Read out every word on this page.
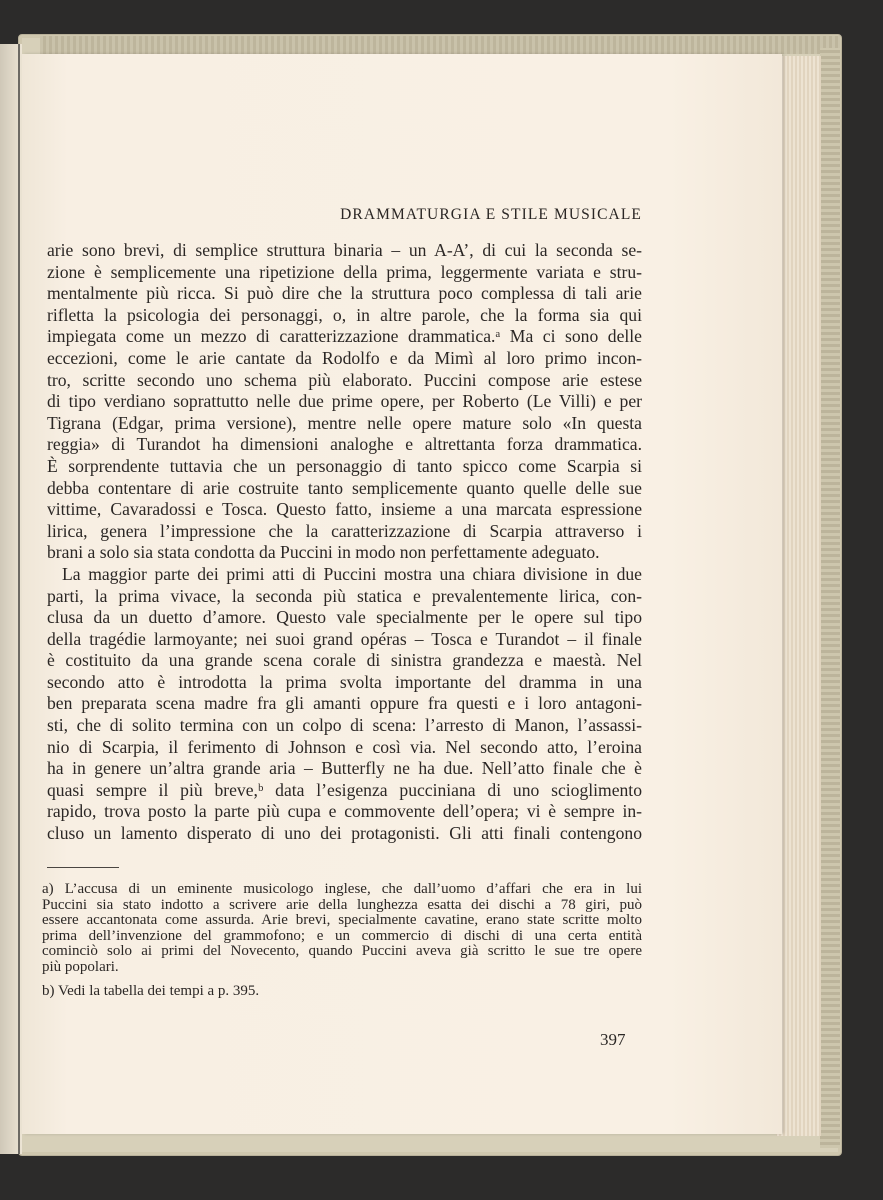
DRAMMATURGIA E STILE MUSICALE
arie sono brevi, di semplice struttura binaria – un A-A’, di cui la seconda se-
zione è semplicemente una ripetizione della prima, leggermente variata e stru-
mentalmente più ricca. Si può dire che la struttura poco complessa di tali arie
rifletta la psicologia dei personaggi, o, in altre parole, che la forma sia qui
impiegata come un mezzo di caratterizzazione drammatica.ᵃ Ma ci sono delle
eccezioni, come le arie cantate da Rodolfo e da Mimì al loro primo incon-
tro, scritte secondo uno schema più elaborato. Puccini compose arie estese
di tipo verdiano soprattutto nelle due prime opere, per Roberto (Le Villi) e per
Tigrana (Edgar, prima versione), mentre nelle opere mature solo «In questa
reggia» di Turandot ha dimensioni analoghe e altrettanta forza drammatica.
È sorprendente tuttavia che un personaggio di tanto spicco come Scarpia si
debba contentare di arie costruite tanto semplicemente quanto quelle delle sue
vittime, Cavaradossi e Tosca. Questo fatto, insieme a una marcata espressione
lirica, genera l’impressione che la caratterizzazione di Scarpia attraverso i
brani a solo sia stata condotta da Puccini in modo non perfettamente adeguato.
La maggior parte dei primi atti di Puccini mostra una chiara divisione in due
parti, la prima vivace, la seconda più statica e prevalentemente lirica, con-
clusa da un duetto d’amore. Questo vale specialmente per le opere sul tipo
della tragédie larmoyante; nei suoi grand opéras – Tosca e Turandot – il finale
è costituito da una grande scena corale di sinistra grandezza e maestà. Nel
secondo atto è introdotta la prima svolta importante del dramma in una
ben preparata scena madre fra gli amanti oppure fra questi e i loro antagoni-
sti, che di solito termina con un colpo di scena: l’arresto di Manon, l’assassi-
nio di Scarpia, il ferimento di Johnson e così via. Nel secondo atto, l’eroina
ha in genere un’altra grande aria – Butterfly ne ha due. Nell’atto finale che è
quasi sempre il più breve,ᵇ data l’esigenza pucciniana di uno scioglimento
rapido, trova posto la parte più cupa e commovente dell’opera; vi è sempre in-
cluso un lamento disperato di uno dei protagonisti. Gli atti finali contengono
a) L’accusa di un eminente musicologo inglese, che dall’uomo d’affari che era in lui
Puccini sia stato indotto a scrivere arie della lunghezza esatta dei dischi a 78 giri, può
essere accantonata come assurda. Arie brevi, specialmente cavatine, erano state scritte molto
prima dell’invenzione del grammofono; e un commercio di dischi di una certa entità
cominciò solo ai primi del Novecento, quando Puccini aveva già scritto le sue tre opere
più popolari.
b) Vedi la tabella dei tempi a p. 395.
397
